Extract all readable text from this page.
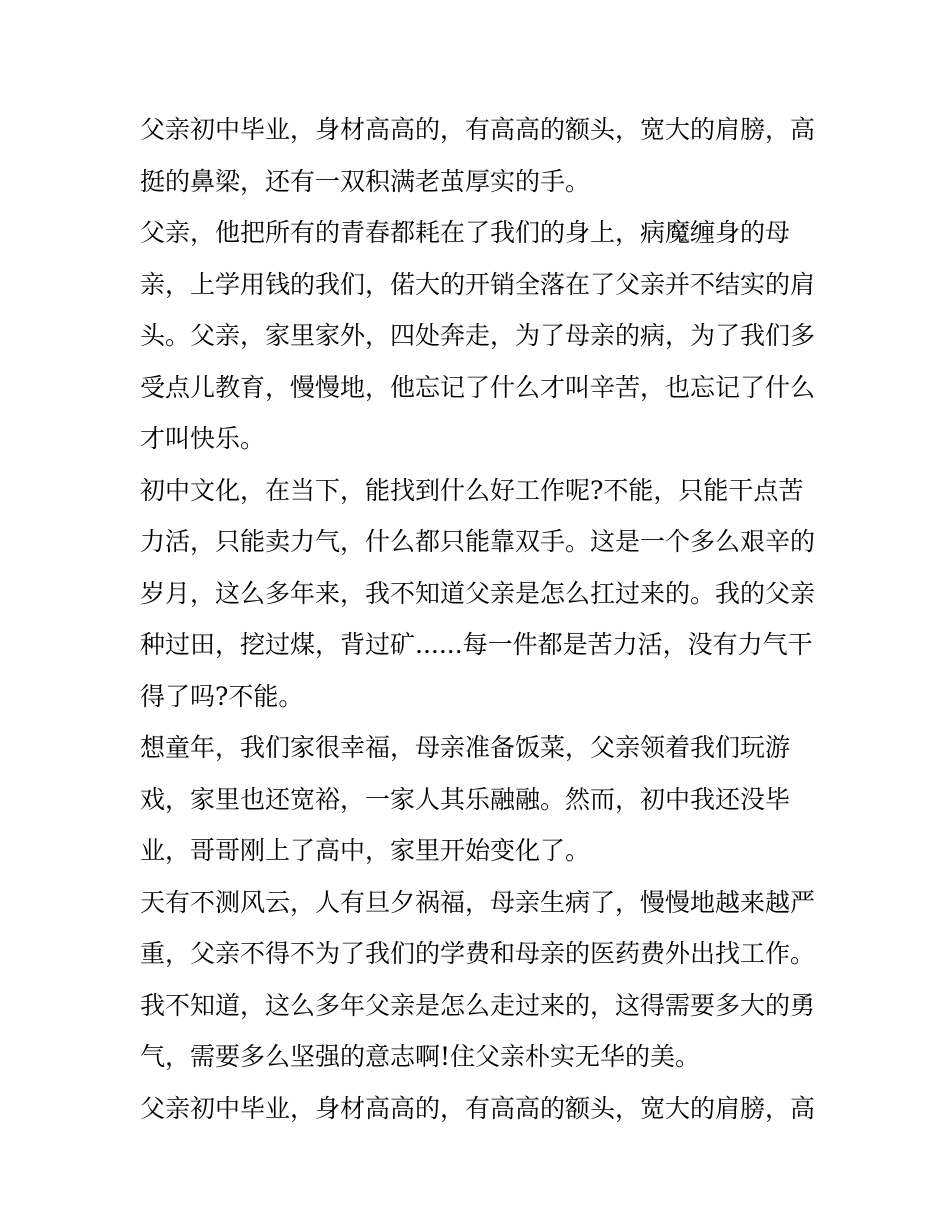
父亲初中毕业，身材高高的，有高高的额头，宽大的肩膀，高挺的鼻梁，还有一双积满老茧厚实的手。

父亲，他把所有的青春都耗在了我们的身上，病魔缠身的母亲，上学用钱的我们，偌大的开销全落在了父亲并不结实的肩头。父亲，家里家外，四处奔走，为了母亲的病，为了我们多受点儿教育，慢慢地，他忘记了什么才叫辛苦，也忘记了什么才叫快乐。

初中文化，在当下，能找到什么好工作呢?不能，只能干点苦力活，只能卖力气，什么都只能靠双手。这是一个多么艰辛的岁月，这么多年来，我不知道父亲是怎么扛过来的。我的父亲种过田，挖过煤，背过矿......每一件都是苦力活，没有力气干得了吗?不能。

想童年，我们家很幸福，母亲准备饭菜，父亲领着我们玩游戏，家里也还宽裕，一家人其乐融融。然而，初中我还没毕业，哥哥刚上了高中，家里开始变化了。

天有不测风云，人有旦夕祸福，母亲生病了，慢慢地越来越严重，父亲不得不为了我们的学费和母亲的医药费外出找工作。我不知道，这么多年父亲是怎么走过来的，这得需要多大的勇气，需要多么坚强的意志啊!住父亲朴实无华的美。

父亲初中毕业，身材高高的，有高高的额头，宽大的肩膀，高
